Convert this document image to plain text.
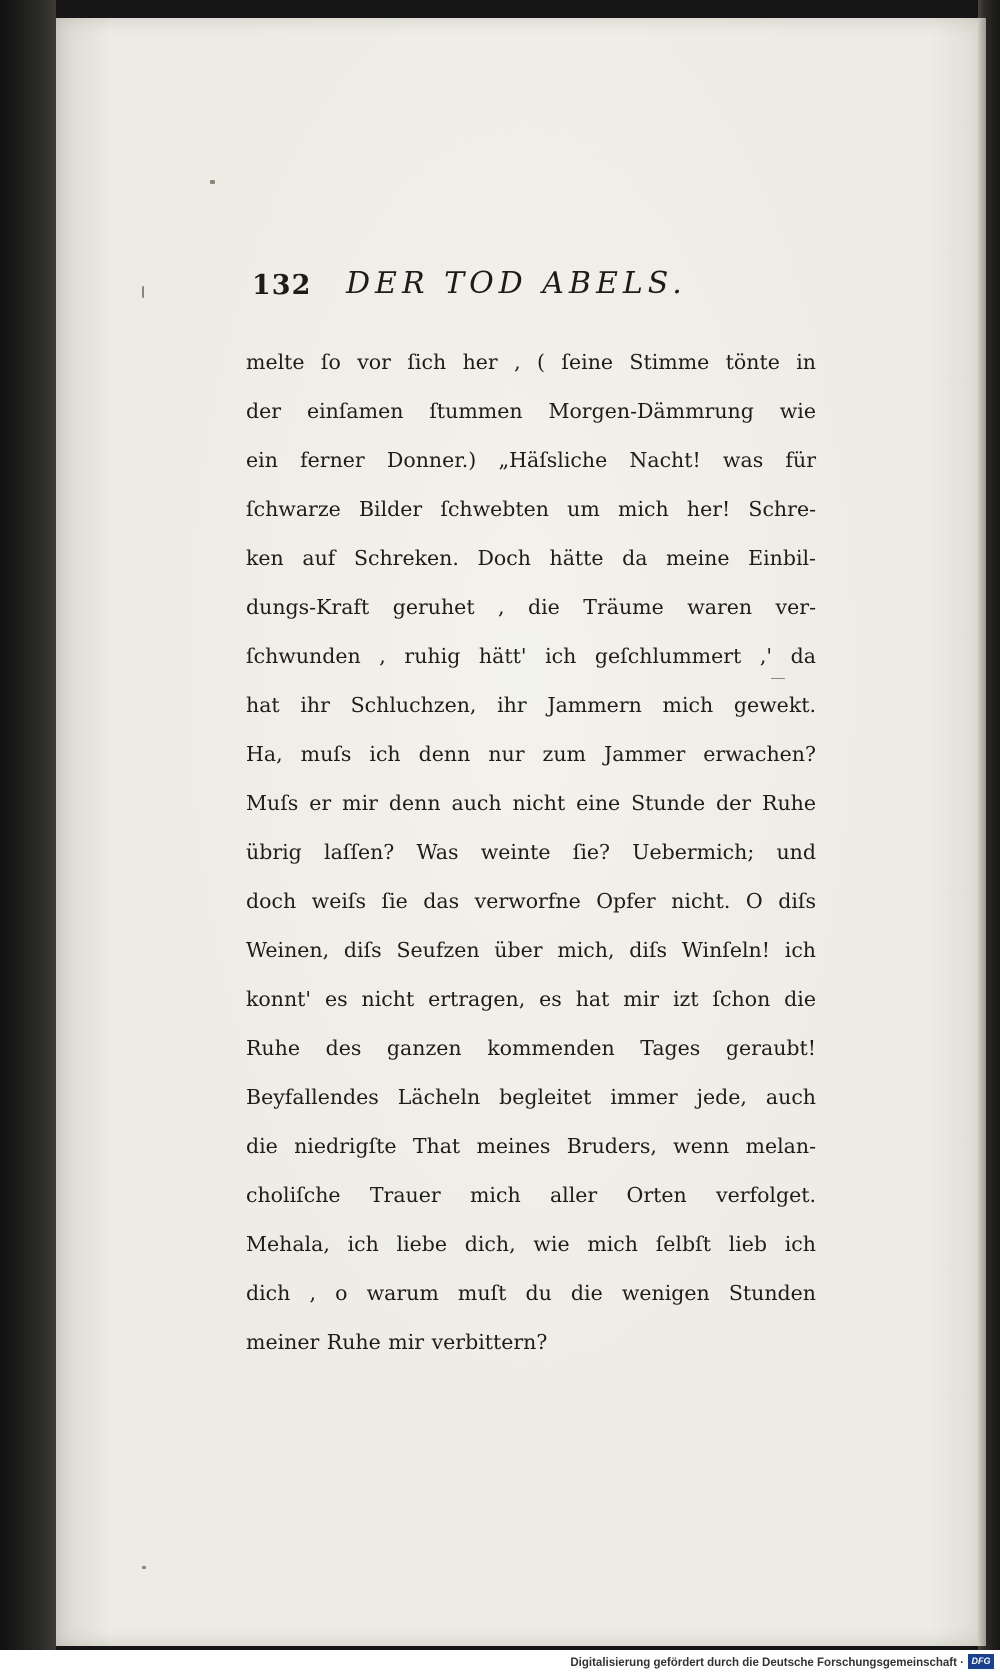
132 DER TOD ABELS.
melte ſo vor ſich her , ( ſeine Stimme tönte in
der einſamen ſtummen Morgen-Dämmrung wie
ein ferner Donner.) „Häſsliche Nacht! was für
ſchwarze Bilder ſchwebten um mich her! Schre-
ken auf Schreken. Doch hätte da meine Einbil-
dungs-Kraft geruhet , die Träume waren ver-
ſchwunden , ruhig hätt' ich geſchlummert ,' da
hat ihr Schluchzen, ihr Jammern mich gewekt.
Ha, muſs ich denn nur zum Jammer erwachen?
Muſs er mir denn auch nicht eine Stunde der Ruhe
übrig laſſen? Was weinte ſie? Uebermich; und
doch weiſs ſie das verworfne Opfer nicht. O diſs
Weinen, diſs Seufzen über mich, diſs Winſeln! ich
konnt' es nicht ertragen, es hat mir izt ſchon die
Ruhe des ganzen kommenden Tages geraubt!
Beyfallendes Lächeln begleitet immer jede, auch
die niedrigſte That meines Bruders, wenn melan-
choliſche Trauer mich aller Orten verfolget.
Mehala, ich liebe dich, wie mich ſelbſt lieb ich
dich , o warum muſt du die wenigen Stunden
meiner Ruhe mir verbittern?
Digitalisierung gefördert durch die Deutsche Forschungsgemeinschaft · DFG
